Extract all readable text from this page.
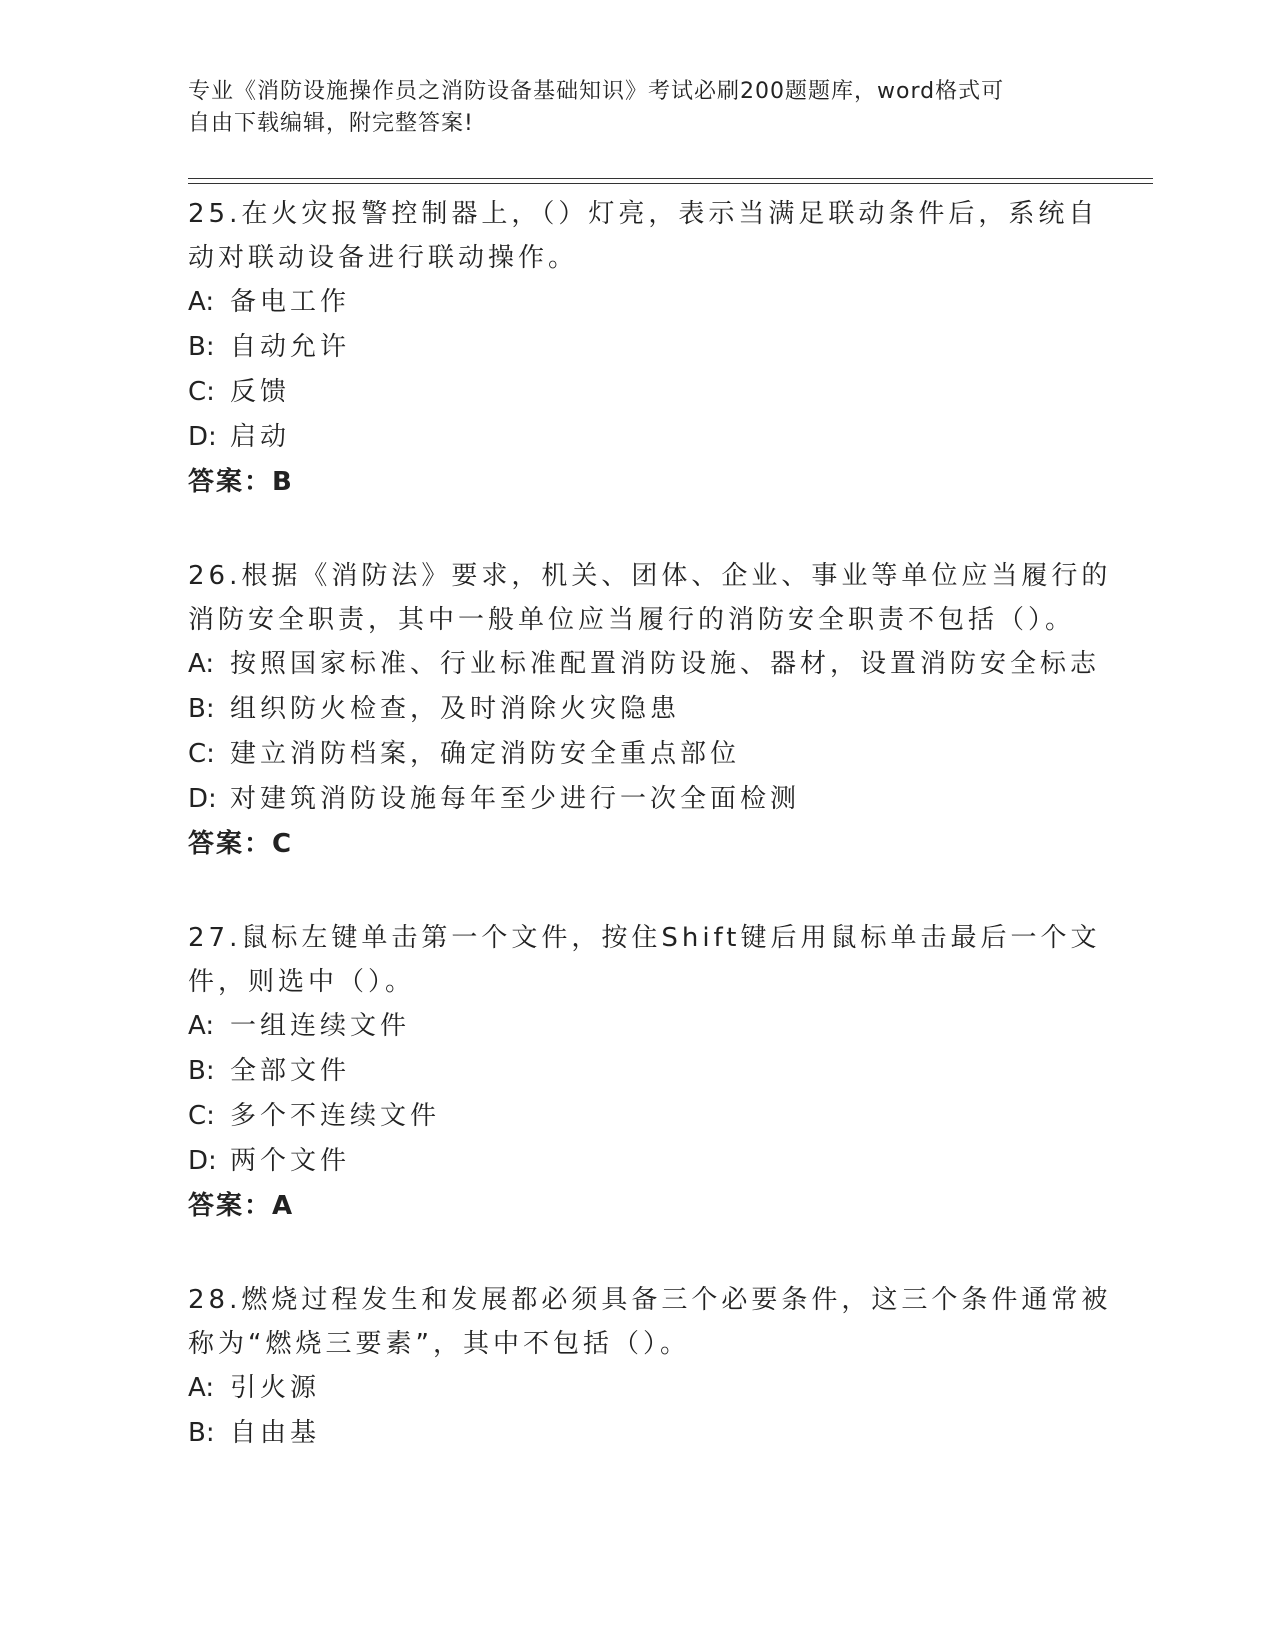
专业《消防设施操作员之消防设备基础知识》考试必刷200题题库，word格式可
自由下载编辑，附完整答案!
25.在火灾报警控制器上，（）灯亮，表示当满足联动条件后，系统自
动对联动设备进行联动操作。
A: 备电工作
B: 自动允许
C: 反馈
D: 启动
答案：B
26.根据《消防法》要求，机关、团体、企业、事业等单位应当履行的
消防安全职责，其中一般单位应当履行的消防安全职责不包括（）。
A: 按照国家标准、行业标准配置消防设施、器材，设置消防安全标志
B: 组织防火检查，及时消除火灾隐患
C: 建立消防档案，确定消防安全重点部位
D: 对建筑消防设施每年至少进行一次全面检测
答案：C
27.鼠标左键单击第一个文件，按住Shift键后用鼠标单击最后一个文
件，则选中（）。
A: 一组连续文件
B: 全部文件
C: 多个不连续文件
D: 两个文件
答案：A
28.燃烧过程发生和发展都必须具备三个必要条件，这三个条件通常被
称为“燃烧三要素”，其中不包括（）。
A: 引火源
B: 自由基
